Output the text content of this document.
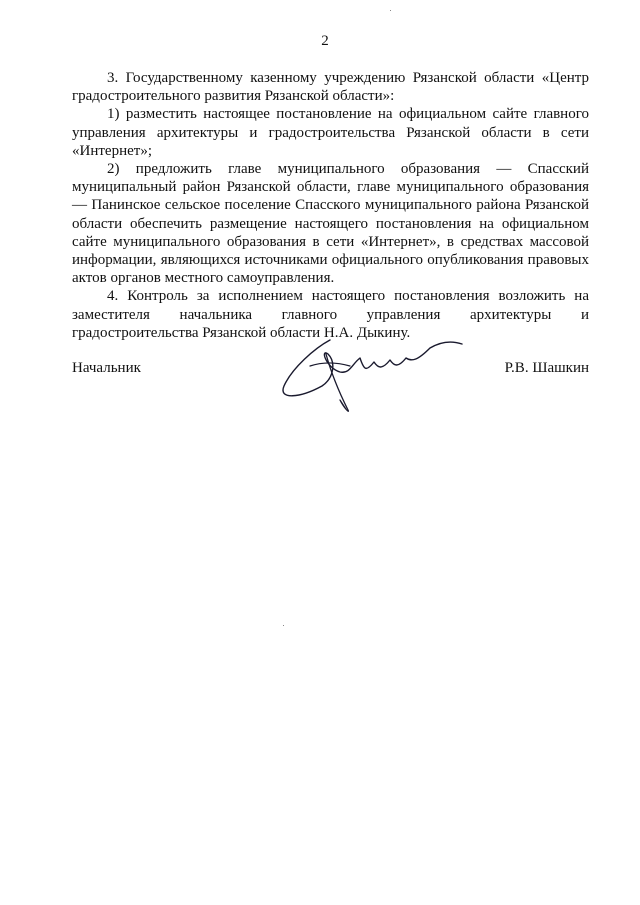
2

3. Государственному казенному учреждению Рязанской области «Центр градостроительного развития Рязанской области»:

1) разместить настоящее постановление на официальном сайте главного управления архитектуры и градостроительства Рязанской области в сети «Интернет»;

2) предложить главе муниципального образования — Спасский муниципальный район Рязанской области, главе муниципального образования — Панинское сельское поселение Спасского муниципального района Рязанской области обеспечить размещение настоящего постановления на официальном сайте муниципального образования в сети «Интернет», в средствах массовой информации, являющихся источниками официального опубликования правовых актов органов местного самоуправления.

4. Контроль за исполнением настоящего постановления возложить на заместителя начальника главного управления архитектуры и градостроительства Рязанской области Н.А. Дыкину.

Начальник	Р.В. Шашкин
